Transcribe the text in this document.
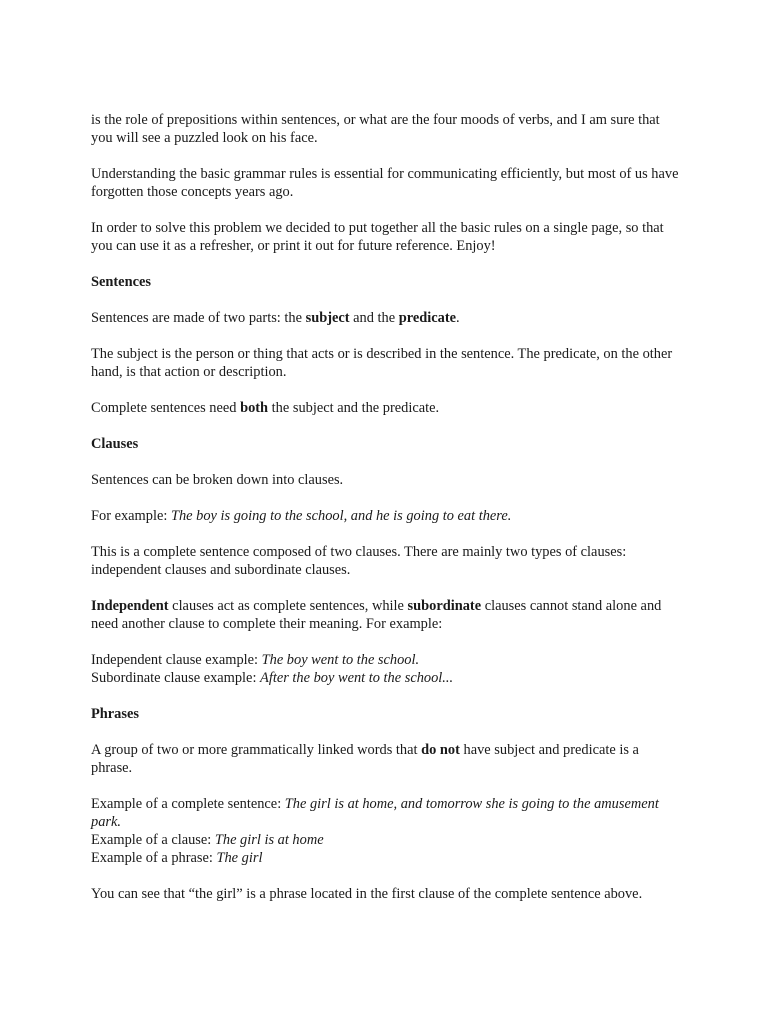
is the role of prepositions within sentences, or what are the four moods of verbs, and I am sure that you will see a puzzled look on his face.

Understanding the basic grammar rules is essential for communicating efficiently, but most of us have forgotten those concepts years ago.

In order to solve this problem we decided to put together all the basic rules on a single page, so that you can use it as a refresher, or print it out for future reference. Enjoy!

Sentences

Sentences are made of two parts: the subject and the predicate.

The subject is the person or thing that acts or is described in the sentence. The predicate, on the other hand, is that action or description.

Complete sentences need both the subject and the predicate.

Clauses

Sentences can be broken down into clauses.

For example: The boy is going to the school, and he is going to eat there.

This is a complete sentence composed of two clauses. There are mainly two types of clauses: independent clauses and subordinate clauses.

Independent clauses act as complete sentences, while subordinate clauses cannot stand alone and need another clause to complete their meaning. For example:

Independent clause example: The boy went to the school.

Subordinate clause example: After the boy went to the school...

Phrases

A group of two or more grammatically linked words that do not have subject and predicate is a phrase.

Example of a complete sentence: The girl is at home, and tomorrow she is going to the amusement park.

Example of a clause: The girl is at home

Example of a phrase: The girl

You can see that “the girl” is a phrase located in the first clause of the complete sentence above.
